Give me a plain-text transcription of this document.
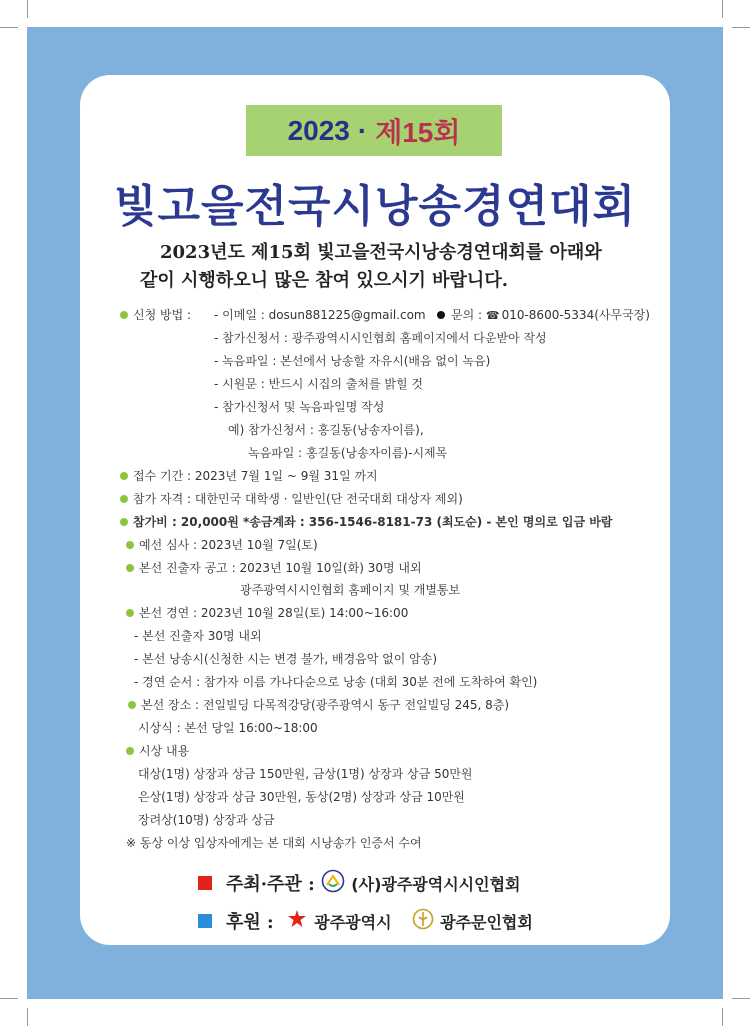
2023 · 제15회
빛고을전국시낭송경연대회
2023년도 제15회 빛고을전국시낭송경연대회를 아래와
같이 시행하오니 많은 참여 있으시기 바랍니다.
신청 방법 : - 이메일 : dosun881225@gmail.com	문의 : ☎ 010-8600-5334(사무국장)
- 참가신청서 : 광주광역시시인협회 홈페이지에서 다운받아 작성
- 녹음파일 : 본선에서 낭송할 자유시(배음 없이 녹음)
- 시원문 : 반드시 시집의 출처를 밝힐 것
- 참가신청서 및 녹음파일명 작성
예) 참가신청서 : 홍길동(낭송자이름),
녹음파일 : 홍길동(낭송자이름)-시제목
접수 기간 : 2023년 7월 1일 ~ 9월 31일 까지
참가 자격 : 대한민국 대학생 · 일반인(단 전국대회 대상자 제외)
참가비 : 20,000원 *송금계좌 : 356-1546-8181-73 (최도순) - 본인 명의로 입금 바람
예선 심사 : 2023년 10월 7일(토)
본선 진출자 공고 : 2023년 10월 10일(화) 30명 내외
광주광역시시인협회 홈페이지 및 개별통보
본선 경연 : 2023년 10월 28일(토) 14:00~16:00
- 본선 진출자 30명 내외
- 본선 낭송시(신청한 시는 변경 불가, 배경음악 없이 암송)
- 경연 순서 : 참가자 이름 가나다순으로 낭송 (대회 30분 전에 도착하여 확인)
본선 장소 : 전일빌딩 다목적강당(광주광역시 동구 전일빌딩 245, 8층)
시상식 : 본선 당일 16:00~18:00
시상 내용
대상(1명) 상장과 상금 150만원, 금상(1명) 상장과 상금 50만원
은상(1명) 상장과 상금 30만원, 동상(2명) 상장과 상금 10만원
장려상(10명) 상장과 상금
※ 동상 이상 입상자에게는 본 대회 시낭송가 인증서 수여
주최·주관 : (사)광주광역시시인협회
후원 :	광주광역시	광주문인협회
